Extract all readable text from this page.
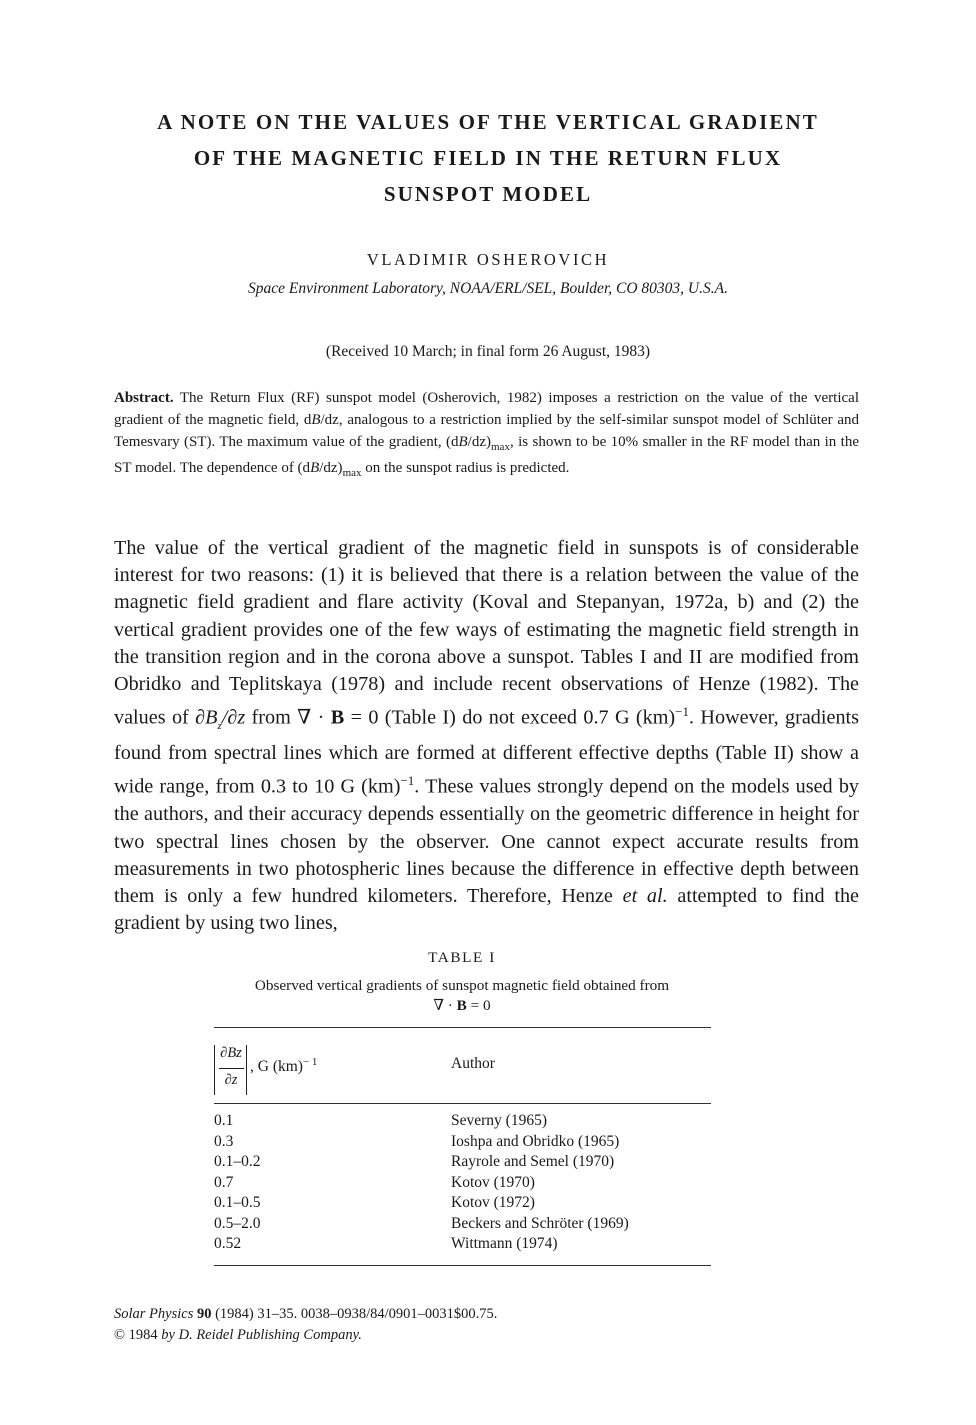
A NOTE ON THE VALUES OF THE VERTICAL GRADIENT
OF THE MAGNETIC FIELD IN THE RETURN FLUX
SUNSPOT MODEL
VLADIMIR OSHEROVICH
Space Environment Laboratory, NOAA/ERL/SEL, Boulder, CO 80303, U.S.A.
(Received 10 March; in final form 26 August, 1983)
Abstract. The Return Flux (RF) sunspot model (Osherovich, 1982) imposes a restriction on the value of the vertical gradient of the magnetic field, dB/dz, analogous to a restriction implied by the self-similar sunspot model of Schlüter and Temesvary (ST). The maximum value of the gradient, $(dB/dz)_{max}$, is shown to be 10% smaller in the RF model than in the ST model. The dependence of $(dB/dz)_{max}$ on the sunspot radius is predicted.
The value of the vertical gradient of the magnetic field in sunspots is of considerable interest for two reasons: (1) it is believed that there is a relation between the value of the magnetic field gradient and flare activity (Koval and Stepanyan, 1972a, b) and (2) the vertical gradient provides one of the few ways of estimating the magnetic field strength in the transition region and in the corona above a sunspot. Tables I and II are modified from Obridko and Teplitskaya (1978) and include recent observations of Henze (1982). The values of $\partial B_z/\partial z$ from ∇ · B = 0 (Table I) do not exceed 0.7 G (km)$^{-1}$. However, gradients found from spectral lines which are formed at different effective depths (Table II) show a wide range, from 0.3 to 10 G (km)$^{-1}$. These values strongly depend on the models used by the authors, and their accuracy depends essentially on the geometric difference in height for two spectral lines chosen by the observer. One cannot expect accurate results from measurements in two photospheric lines because the difference in effective depth between them is only a few hundred kilometers. Therefore, Henze et al. attempted to find the gradient by using two lines,
TABLE I
Observed vertical gradients of sunspot magnetic field obtained from
∇ · B = 0
∂Bz
∂z
, G (km)$^{- 1}$	Author
0.1	Severny (1965)
0.3	Ioshpa and Obridko (1965)
0.1–0.2	Rayrole and Semel (1970)
0.7	Kotov (1970)
0.1–0.5	Kotov (1972)
0.5–2.0	Beckers and Schröter (1969)
0.52	Wittmann (1974)
Solar Physics 90 (1984) 31–35. 0038–0938/84/0901–0031$00.75.
© 1984 by D. Reidel Publishing Company.
